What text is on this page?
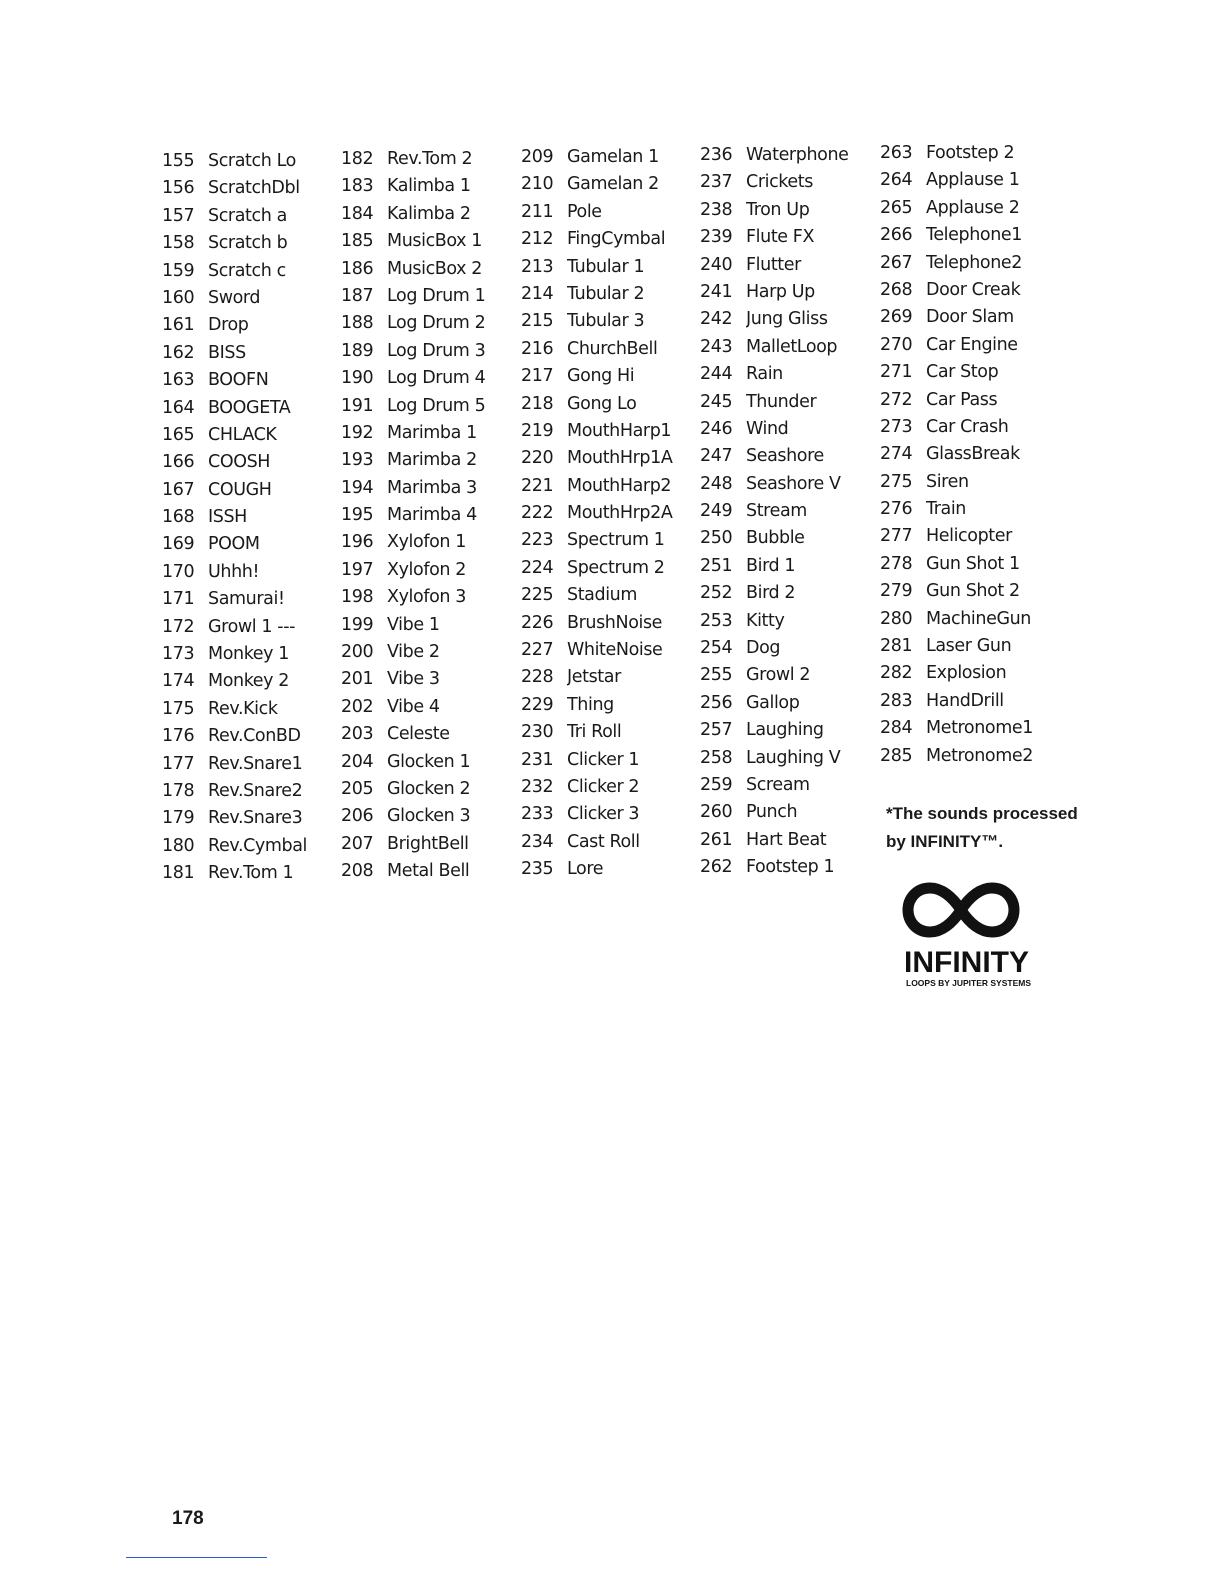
155 Scratch Lo
156 ScratchDbl
157 Scratch a
158 Scratch b
159 Scratch c
160 Sword
161 Drop
162 BISS
163 BOOFN
164 BOOGETA
165 CHLACK
166 COOSH
167 COUGH
168 ISSH
169 POOM
170 Uhhh!
171 Samurai!
172 Growl 1 ---
173 Monkey 1
174 Monkey 2
175 Rev.Kick
176 Rev.ConBD
177 Rev.Snare1
178 Rev.Snare2
179 Rev.Snare3
180 Rev.Cymbal
181 Rev.Tom 1
182 Rev.Tom 2
183 Kalimba 1
184 Kalimba 2
185 MusicBox 1
186 MusicBox 2
187 Log Drum 1
188 Log Drum 2
189 Log Drum 3
190 Log Drum 4
191 Log Drum 5
192 Marimba 1
193 Marimba 2
194 Marimba 3
195 Marimba 4
196 Xylofon 1
197 Xylofon 2
198 Xylofon 3
199 Vibe 1
200 Vibe 2
201 Vibe 3
202 Vibe 4
203 Celeste
204 Glocken 1
205 Glocken 2
206 Glocken 3
207 BrightBell
208 Metal Bell
209 Gamelan 1
210 Gamelan 2
211 Pole
212 FingCymbal
213 Tubular 1
214 Tubular 2
215 Tubular 3
216 ChurchBell
217 Gong Hi
218 Gong Lo
219 MouthHarp1
220 MouthHrp1A
221 MouthHarp2
222 MouthHrp2A
223 Spectrum 1
224 Spectrum 2
225 Stadium
226 BrushNoise
227 WhiteNoise
228 Jetstar
229 Thing
230 Tri Roll
231 Clicker 1
232 Clicker 2
233 Clicker 3
234 Cast Roll
235 Lore
236 Waterphone
237 Crickets
238 Tron Up
239 Flute FX
240 Flutter
241 Harp Up
242 Jung Gliss
243 MalletLoop
244 Rain
245 Thunder
246 Wind
247 Seashore
248 Seashore V
249 Stream
250 Bubble
251 Bird 1
252 Bird 2
253 Kitty
254 Dog
255 Growl 2
256 Gallop
257 Laughing
258 Laughing V
259 Scream
260 Punch
261 Hart Beat
262 Footstep 1
263 Footstep 2
264 Applause 1
265 Applause 2
266 Telephone1
267 Telephone2
268 Door Creak
269 Door Slam
270 Car Engine
271 Car Stop
272 Car Pass
273 Car Crash
274 GlassBreak
275 Siren
276 Train
277 Helicopter
278 Gun Shot 1
279 Gun Shot 2
280 MachineGun
281 Laser Gun
282 Explosion
283 HandDrill
284 Metronome1
285 Metronome2
*The sounds processed
by INFINITY™.
INFINITY
LOOPS BY JUPITER SYSTEMS
178
